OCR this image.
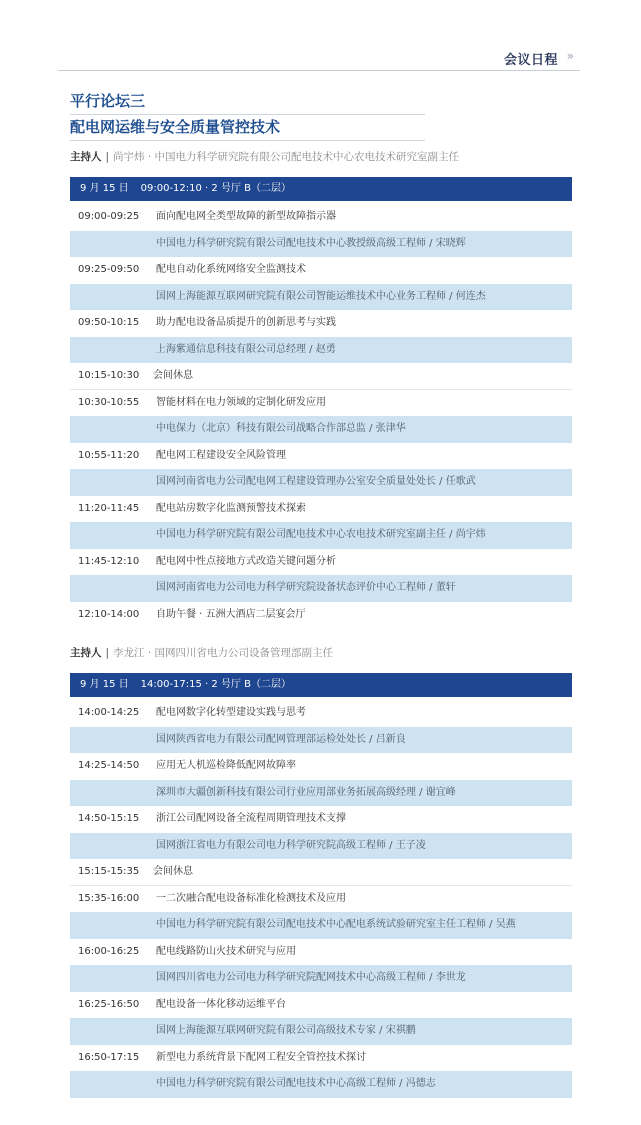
会议日程 »
平行论坛三
配电网运维与安全质量管控技术
主持人 | 尚宇炜 · 中国电力科学研究院有限公司配电技术中心农电技术研究室副主任
9 月 15 日 09:00-12:10 · 2 号厅 B（二层）
09:00-09:25 面向配电网全类型故障的新型故障指示器
中国电力科学研究院有限公司配电技术中心教授级高级工程师 / 宋晓辉
09:25-09:50 配电自动化系统网络安全监测技术
国网上海能源互联网研究院有限公司智能运维技术中心业务工程师 / 何连杰
09:50-10:15 助力配电设备品质提升的创新思考与实践
上海紫通信息科技有限公司总经理 / 赵勇
10:15-10:30 会间休息
10:30-10:55 智能材料在电力领域的定制化研发应用
中电保力（北京）科技有限公司战略合作部总监 / 张津华
10:55-11:20 配电网工程建设安全风险管理
国网河南省电力公司配电网工程建设管理办公室安全质量处处长 / 任歌武
11:20-11:45 配电站房数字化监测预警技术探索
中国电力科学研究院有限公司配电技术中心农电技术研究室副主任 / 尚宇炜
11:45-12:10 配电网中性点接地方式改造关键问题分析
国网河南省电力公司电力科学研究院设备状态评价中心工程师 / 董轩
12:10-14:00 自助午餐 · 五洲大酒店二层宴会厅
主持人 | 李龙江 · 国网四川省电力公司设备管理部副主任
9 月 15 日 14:00-17:15 · 2 号厅 B（二层）
14:00-14:25 配电网数字化转型建设实践与思考
国网陕西省电力有限公司配网管理部运检处处长 / 吕新良
14:25-14:50 应用无人机巡检降低配网故障率
深圳市大疆创新科技有限公司行业应用部业务拓展高级经理 / 谢宜峰
14:50-15:15 浙江公司配网设备全流程周期管理技术支撑
国网浙江省电力有限公司电力科学研究院高级工程师 / 王子凌
15:15-15:35 会间休息
15:35-16:00 一二次融合配电设备标准化检测技术及应用
中国电力科学研究院有限公司配电技术中心配电系统试验研究室主任工程师 / 吴燕
16:00-16:25 配电线路防山火技术研究与应用
国网四川省电力公司电力科学研究院配网技术中心高级工程师 / 李世龙
16:25-16:50 配电设备一体化移动运维平台
国网上海能源互联网研究院有限公司高级技术专家 / 宋祺鹏
16:50-17:15 新型电力系统背景下配网工程安全管控技术探讨
中国电力科学研究院有限公司配电技术中心高级工程师 / 冯德志
